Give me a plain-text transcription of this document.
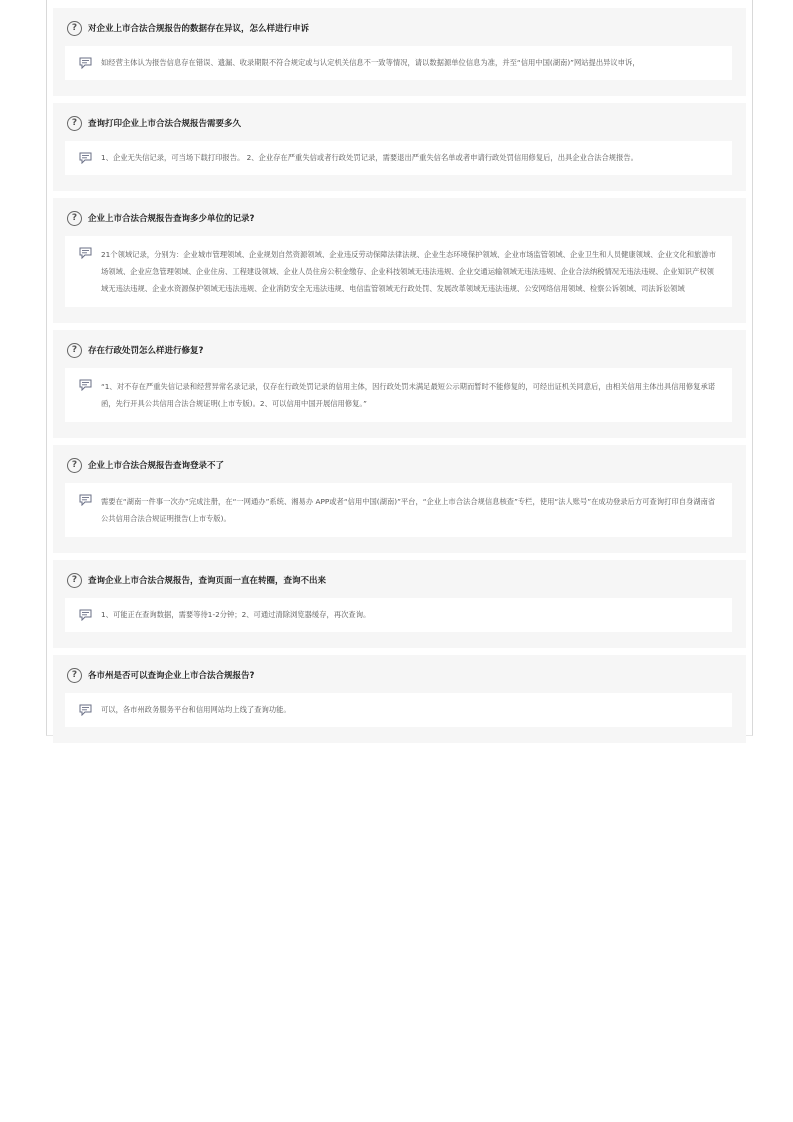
?	对企业上市合法合规报告的数据存在异议，怎么样进行申诉
如经营主体认为报告信息存在错误、遗漏、收录期限不符合规定或与认定机关信息不一致等情况，请以数据源单位信息为准，并至“信用中国(湖南)”网站提出异议申诉，
?	查询打印企业上市合法合规报告需要多久
1、企业无失信记录，可当场下载打印报告。 2、企业存在严重失信或者行政处罚记录，需要退出严重失信名单或者申请行政处罚信用修复后，出具企业合法合规报告。
?	企业上市合法合规报告查询多少单位的记录?
21个领域记录，分别为：企业城市管理领域、企业规划自然资源领域、企业违反劳动保障法律法规、企业生态环境保护领域、企业市场监管领域、企业卫生和人员健康领域、企业文化和旅游市场领域、企业应急管理领域、企业住房、工程建设领域、企业人员住房公积金缴存、企业科技领域无违法违规、企业交通运输领域无违法违规、企业合法纳税情况无违法违规、企业知识产权领域无违法违规、企业水资源保护领域无违法违规、企业消防安全无违法违规、电信监管领域无行政处罚、发展改革领域无违法违规、公安网络信用领域、检察公诉领域、司法诉讼领域
?	存在行政处罚怎么样进行修复?
“1、对不存在严重失信记录和经营异常名录记录，仅存在行政处罚记录的信用主体，因行政处罚未满足最短公示期而暂时不能修复的，可经出证机关同意后，由相关信用主体出具信用修复承诺函，先行开具公共信用合法合规证明(上市专版)。2、可以信用中国开展信用修复。”
?	企业上市合法合规报告查询登录不了
需要在“湖南一件事一次办”完成注册，在“一网通办”系统、湘易办 APP或者“信用中国(湖南)”平台，“企业上市合法合规信息核查”专栏，使用“法人账号”在成功登录后方可查询打印自身湖南省公共信用合法合规证明报告(上市专版)。
?	查询企业上市合法合规报告，查询页面一直在转圈，查询不出来
1、可能正在查询数据，需要等待1-2分钟；2、可通过清除浏览器缓存，再次查询。
?	各市州是否可以查询企业上市合法合规报告?
可以，各市州政务服务平台和信用网站均上线了查询功能。
